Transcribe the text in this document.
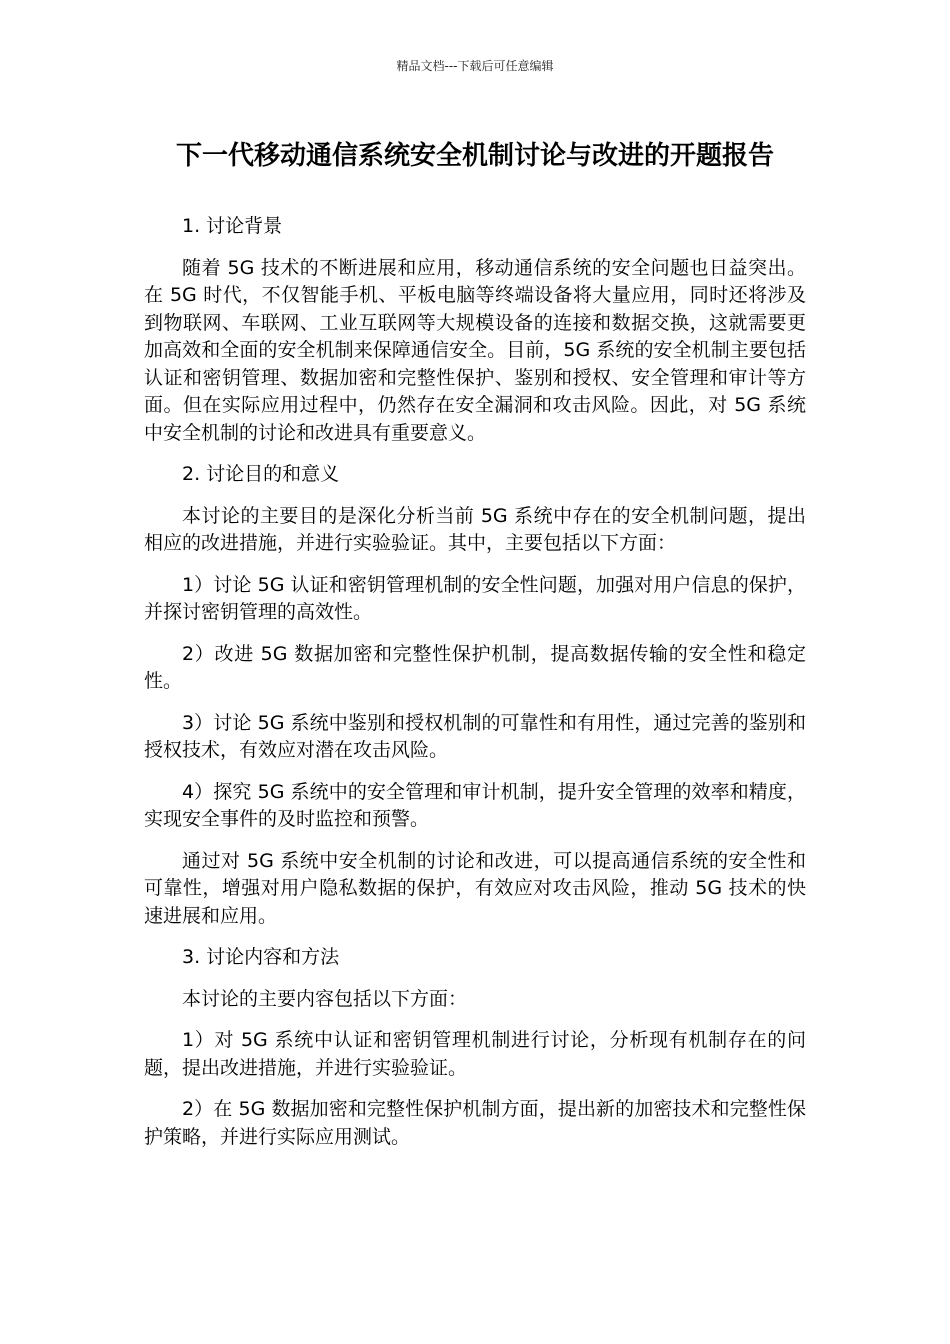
精品文档---下载后可任意编辑
下一代移动通信系统安全机制讨论与改进的开题报告

1. 讨论背景

随着 5G 技术的不断进展和应用，移动通信系统的安全问题也日益突出。在 5G 时代，不仅智能手机、平板电脑等终端设备将大量应用，同时还将涉及到物联网、车联网、工业互联网等大规模设备的连接和数据交换，这就需要更加高效和全面的安全机制来保障通信安全。目前，5G 系统的安全机制主要包括认证和密钥管理、数据加密和完整性保护、鉴别和授权、安全管理和审计等方面。但在实际应用过程中，仍然存在安全漏洞和攻击风险。因此，对 5G 系统中安全机制的讨论和改进具有重要意义。

2. 讨论目的和意义

本讨论的主要目的是深化分析当前 5G 系统中存在的安全机制问题，提出相应的改进措施，并进行实验验证。其中，主要包括以下方面：

1）讨论 5G 认证和密钥管理机制的安全性问题，加强对用户信息的保护，并探讨密钥管理的高效性。

2）改进 5G 数据加密和完整性保护机制，提高数据传输的安全性和稳定性。

3）讨论 5G 系统中鉴别和授权机制的可靠性和有用性，通过完善的鉴别和授权技术，有效应对潜在攻击风险。

4）探究 5G 系统中的安全管理和审计机制，提升安全管理的效率和精度，实现安全事件的及时监控和预警。

通过对 5G 系统中安全机制的讨论和改进，可以提高通信系统的安全性和可靠性，增强对用户隐私数据的保护，有效应对攻击风险，推动 5G 技术的快速进展和应用。

3. 讨论内容和方法

本讨论的主要内容包括以下方面：

1）对 5G 系统中认证和密钥管理机制进行讨论，分析现有机制存在的问题，提出改进措施，并进行实验验证。

2）在 5G 数据加密和完整性保护机制方面，提出新的加密技术和完整性保护策略，并进行实际应用测试。
